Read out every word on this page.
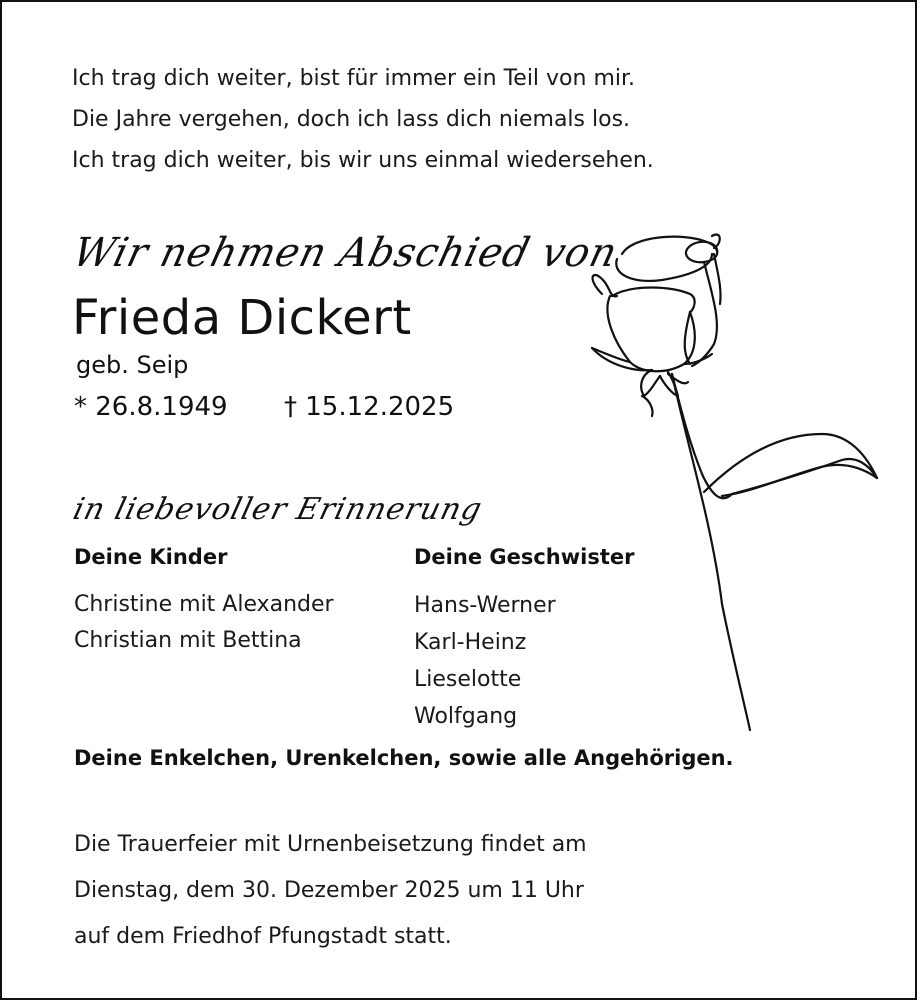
Ich trag dich weiter, bist für immer ein Teil von mir.
Die Jahre vergehen, doch ich lass dich niemals los.
Ich trag dich weiter, bis wir uns einmal wiedersehen.
Wir nehmen Abschied von
Frieda Dickert
geb. Seip
* 26.8.1949 † 15.12.2025
in liebevoller Erinnerung
Deine Kinder
Christine mit Alexander
Christian mit Bettina
Deine Geschwister
Hans-Werner
Karl-Heinz
Lieselotte
Wolfgang
Deine Enkelchen, Urenkelchen, sowie alle Angehörigen.
Die Trauerfeier mit Urnenbeisetzung findet am
Dienstag, dem 30. Dezember 2025 um 11 Uhr
auf dem Friedhof Pfungstadt statt.
